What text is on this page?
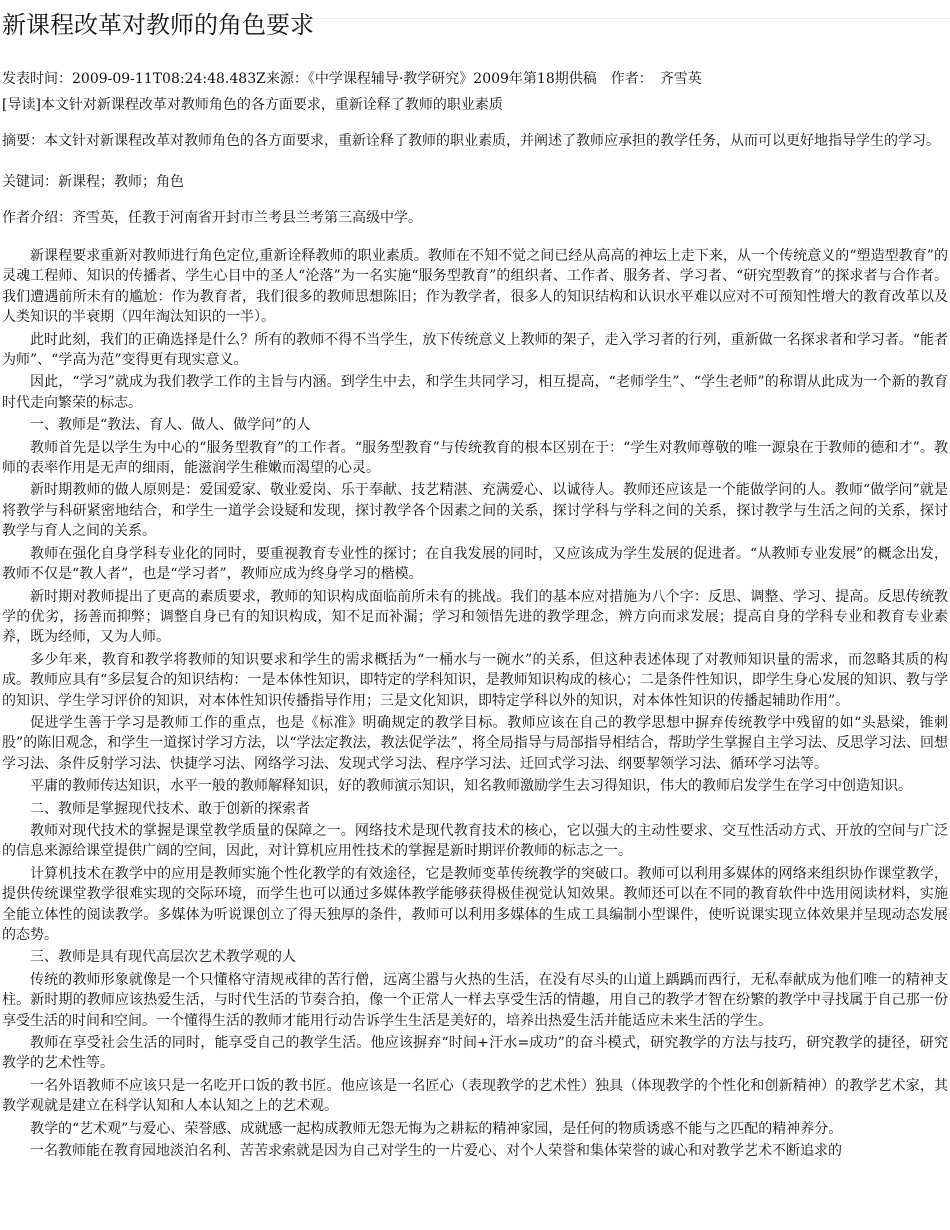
新课程改革对教师的角色要求
发表时间：2009-09-11T08:24:48.483Z来源：《中学课程辅导·教学研究》2009年第18期供稿　作者：　齐雪英
[导读]本文针对新课程改革对教师角色的各方面要求，重新诠释了教师的职业素质
摘要：本文针对新课程改革对教师角色的各方面要求，重新诠释了教师的职业素质，并阐述了教师应承担的教学任务，从而可以更好地指导学生的学习。
关键词：新课程；教师；角色
作者介绍：齐雪英，任教于河南省开封市兰考县兰考第三高级中学。

新课程要求重新对教师进行角色定位,重新诠释教师的职业素质。教师在不知不觉之间已经从高高的神坛上走下来，从一个传统意义的“塑造型教育”的灵魂工程师、知识的传播者、学生心目中的圣人“沦落”为一名实施“服务型教育”的组织者、工作者、服务者、学习者、“研究型教育”的探求者与合作者。我们遭遇前所未有的尴尬：作为教育者，我们很多的教师思想陈旧；作为教学者，很多人的知识结构和认识水平难以应对不可预知性增大的教育改革以及人类知识的半衰期（四年淘汰知识的一半）。

此时此刻，我们的正确选择是什么？所有的教师不得不当学生，放下传统意义上教师的架子，走入学习者的行列，重新做一名探求者和学习者。“能者为师”、“学高为范”变得更有现实意义。

因此，“学习”就成为我们教学工作的主旨与内涵。到学生中去，和学生共同学习，相互提高，“老师学生”、“学生老师”的称谓从此成为一个新的教育时代走向繁荣的标志。

一、教师是“教法、育人、做人、做学问”的人

教师首先是以学生为中心的“服务型教育”的工作者。“服务型教育”与传统教育的根本区别在于：“学生对教师尊敬的唯一源泉在于教师的德和才”。教师的表率作用是无声的细雨，能滋润学生稚嫩而渴望的心灵。

新时期教师的做人原则是：爱国爱家、敬业爱岗、乐于奉献、技艺精湛、充满爱心、以诚待人。教师还应该是一个能做学问的人。教师“做学问”就是将教学与科研紧密地结合，和学生一道学会设疑和发现，探讨教学各个因素之间的关系，探讨学科与学科之间的关系，探讨教学与生活之间的关系，探讨教学与育人之间的关系。

教师在强化自身学科专业化的同时，要重视教育专业性的探讨；在自我发展的同时，又应该成为学生发展的促进者。“从教师专业发展”的概念出发，教师不仅是“教人者”，也是“学习者”，教师应成为终身学习的楷模。

新时期对教师提出了更高的素质要求，教师的知识构成面临前所未有的挑战。我们的基本应对措施为八个字：反思、调整、学习、提高。反思传统教学的优劣，扬善而抑弊；调整自身已有的知识构成，知不足而补漏；学习和领悟先进的教学理念，辨方向而求发展；提高自身的学科专业和教育专业素养，既为经师，又为人师。

多少年来，教育和教学将教师的知识要求和学生的需求概括为“一桶水与一碗水”的关系，但这种表述体现了对教师知识量的需求，而忽略其质的构成。教师应具有“多层复合的知识结构：一是本体性知识，即特定的学科知识，是教师知识构成的核心；二是条件性知识，即学生身心发展的知识、教与学的知识、学生学习评价的知识，对本体性知识传播指导作用；三是文化知识，即特定学科以外的知识，对本体性知识的传播起辅助作用”。

促进学生善于学习是教师工作的重点，也是《标准》明确规定的教学目标。教师应该在自己的教学思想中摒弃传统教学中残留的如“头悬梁，锥刺股”的陈旧观念，和学生一道探讨学习方法，以“学法定教法，教法促学法”，将全局指导与局部指导相结合，帮助学生掌握自主学习法、反思学习法、回想学习法、条件反射学习法、快捷学习法、网络学习法、发现式学习法、程序学习法、迁回式学习法、纲要挈领学习法、循环学习法等。

平庸的教师传达知识，水平一般的教师解释知识，好的教师演示知识，知名教师激励学生去习得知识，伟大的教师启发学生在学习中创造知识。

二、教师是掌握现代技术、敢于创新的探索者

教师对现代技术的掌握是课堂教学质量的保障之一。网络技术是现代教育技术的核心，它以强大的主动性要求、交互性活动方式、开放的空间与广泛的信息来源给课堂提供广阔的空间，因此，对计算机应用性技术的掌握是新时期评价教师的标志之一。

计算机技术在教学中的应用是教师实施个性化教学的有效途径，它是教师变革传统教学的突破口。教师可以利用多媒体的网络来组织协作课堂教学，提供传统课堂教学很难实现的交际环境，而学生也可以通过多媒体教学能够获得极佳视觉认知效果。教师还可以在不同的教育软件中选用阅读材料，实施全能立体性的阅读教学。多媒体为听说课创立了得天独厚的条件，教师可以利用多媒体的生成工具编制小型课件，使听说课实现立体效果并呈现动态发展的态势。

三、教师是具有现代高层次艺术教学观的人

传统的教师形象就像是一个只懂格守清规戒律的苦行僧，远离尘嚣与火热的生活，在没有尽头的山道上踽踽而西行，无私奉献成为他们唯一的精神支柱。新时期的教师应该热爱生活，与时代生活的节奏合拍，像一个正常人一样去享受生活的情趣，用自己的教学才智在纷繁的教学中寻找属于自己那一份享受生活的时间和空间。一个懂得生活的教师才能用行动告诉学生生活是美好的，培养出热爱生活并能适应未来生活的学生。

教师在享受社会生活的同时，能享受自己的教学生活。他应该摒弃“时间+汗水=成功”的奋斗模式，研究教学的方法与技巧，研究教学的捷径，研究教学的艺术性等。

一名外语教师不应该只是一名吃开口饭的教书匠。他应该是一名匠心（表现教学的艺术性）独具（体现教学的个性化和创新精神）的教学艺术家，其教学观就是建立在科学认知和人本认知之上的艺术观。

教学的“艺术观”与爱心、荣誉感、成就感一起构成教师无怨无悔为之耕耘的精神家园，是任何的物质诱惑不能与之匹配的精神养分。

一名教师能在教育园地淡泊名利、苦苦求索就是因为自己对学生的一片爱心、对个人荣誉和集体荣誉的诚心和对教学艺术不断追求的
